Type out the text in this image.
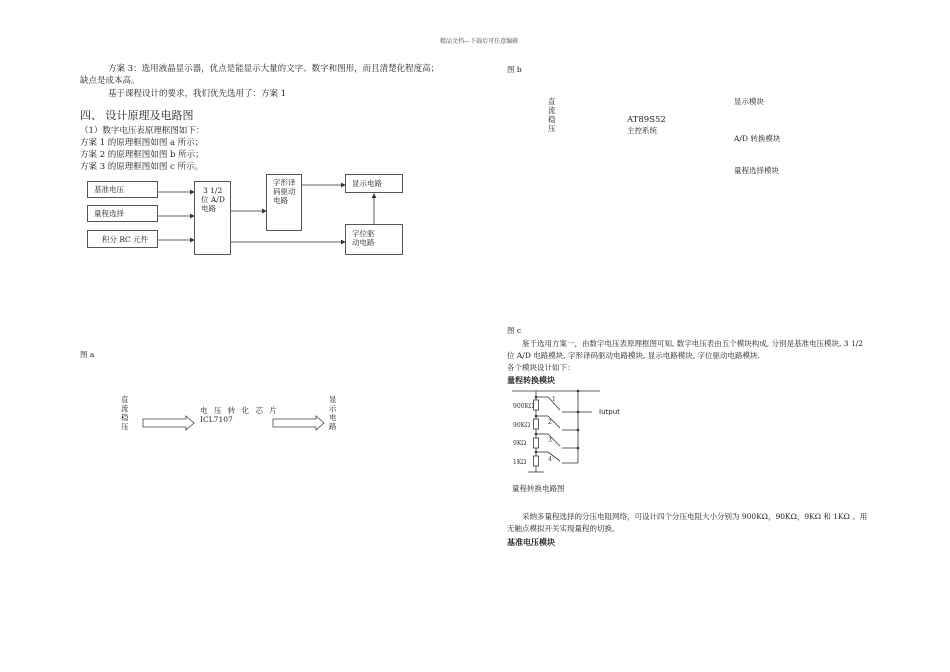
精品文档---下载后可任意编辑
方案 3：选用液晶显示器，优点是能显示大量的文字、数字和图形，而且清楚化程度高；
缺点是成本高。
基于课程设计的要求，我们优先选用了：方案 1
四、 设计原理及电路图
（1）数字电压表原理框图如下：
方案 1 的原理框图如图 a 所示；
方案 2 的原理框图如图 b 所示；
方案 3 的原理框图如图 c 所示。
基准电压
量程选择
积分 RC 元件
3 1/2
位 A/D
电路
字形译
码驱动
电路
显示电路
字位驱
动电路
图 a
直
流
稳
压
电 压 转 化 芯 片
ICL7107
显
示
电
路
图 b
直
流
稳
压
AT89S52
主控系统
显示模块
A/D 转换模块
量程选择模块
图 c
鉴于选用方案一，由数字电压表原理框图可知, 数字电压表由五个模块构成, 分别是基准电压模块, 3 1/2
位 A/D 电路模块, 字形译码驱动电路模块, 显示电路模块, 字位驱动电路模块.
各个模块设计如下：
量程转换模块
900KΩ
90KΩ
9KΩ
1KΩ
1
2
3
4
Iutput
量程转换电路图
采纳多量程选择的分压电阻网络，可设计四个分压电阻大小分别为 900KΩ，90KΩ，9KΩ 和 1KΩ 。用
无触点模拟开关实现量程的切换。
基准电压模块
